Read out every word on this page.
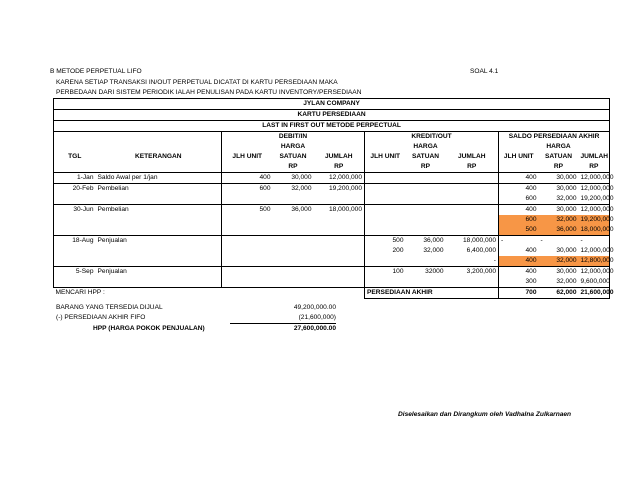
B METODE PERPETUAL LIFO	SOAL 4.1
KARENA SETIAP TRANSAKSI IN/OUT PERPETUAL DICATAT DI KARTU PERSEDIAAN MAKA
PERBEDAAN DARI SISTEM PERIODIK IALAH PENULISAN PADA KARTU INVENTORY/PERSEDIAAN
JYLAN COMPANY										
KARTU PERSEDIAAN										
LAST IN FIRST OUT METODE PERPECTUAL										
		DEBIT/IN			KREDIT/OUT			SALDO PERSEDIAAN AKHIR		
			HARGA			HARGA			HARGA	
TGL	KETERANGAN	JLH UNIT	SATUAN	JUMLAH	JLH UNIT	SATUAN	JUMLAH	JLH UNIT	SATUAN	JUMLAH
			RP	RP		RP	RP		RP	RP
1-Jan	Saldo Awal per 1/jan	400	30,000	12,000,000				400	30,000	12,000,000
20-Feb	Pembelian	600	32,000	19,200,000				400	30,000	12,000,000
								600	32,000	19,200,000
30-Jun	Pembelian	500	36,000	18,000,000				400	30,000	12,000,000
								600	32,000	19,200,000
								500	36,000	18,000,000
18-Aug	Penjualan				500	36,000	18,000,000	-	-	-
					200	32,000	6,400,000	400	30,000	12,000,000
							-	400	32,000	12,800,000
5-Sep	Penjualan				100	32000	3,200,000	400	30,000	12,000,000
								300	32,000	9,600,000
MENCARI HPP :					PERSEDIAAN AKHIR			700	62,000	21,600,000
BARANG YANG TERSEDIA DIJUAL	49,200,000.00
(-) PERSEDIAAN AKHIR FIFO	(21,600,000)
HPP (HARGA POKOK PENJUALAN)	27,600,000.00
Diselesaikan dan Dirangkum oleh Vadhalna Zulkarnaen
